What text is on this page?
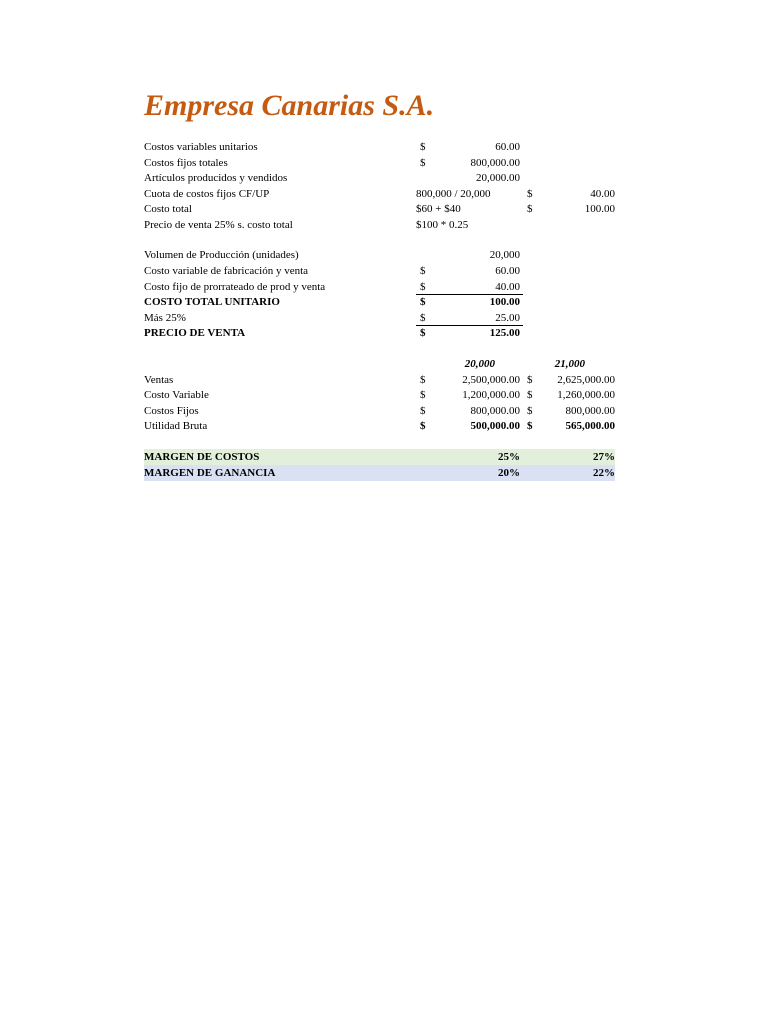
Empresa Canarias S.A.
Costos variables unitarios	$	60.00
Costos fijos totales	$	800,000.00
Artículos producidos y vendidos	20,000.00
Cuota de costos fijos CF/UP	800,000 / 20,000	$	40.00
Costo total	$60 + $40	$	100.00
Precio de venta 25% s. costo total	$100 * 0.25
Volumen de Producción (unidades)	20,000
Costo variable de fabricación y venta	$	60.00
Costo fijo de prorrateado de prod y venta	$	40.00
COSTO TOTAL UNITARIO	$	100.00
Más 25%	$	25.00
PRECIO DE VENTA	$	125.00
20,000	21,000
Ventas	$	2,500,000.00 $ 2,625,000.00
Costo Variable	$	1,200,000.00 $ 1,260,000.00
Costos Fijos	$	800,000.00 $	800,000.00
Utilidad Bruta	$	500,000.00 $	565,000.00
MARGEN DE COSTOS	25%	27%
MARGEN DE GANANCIA	20%	22%
